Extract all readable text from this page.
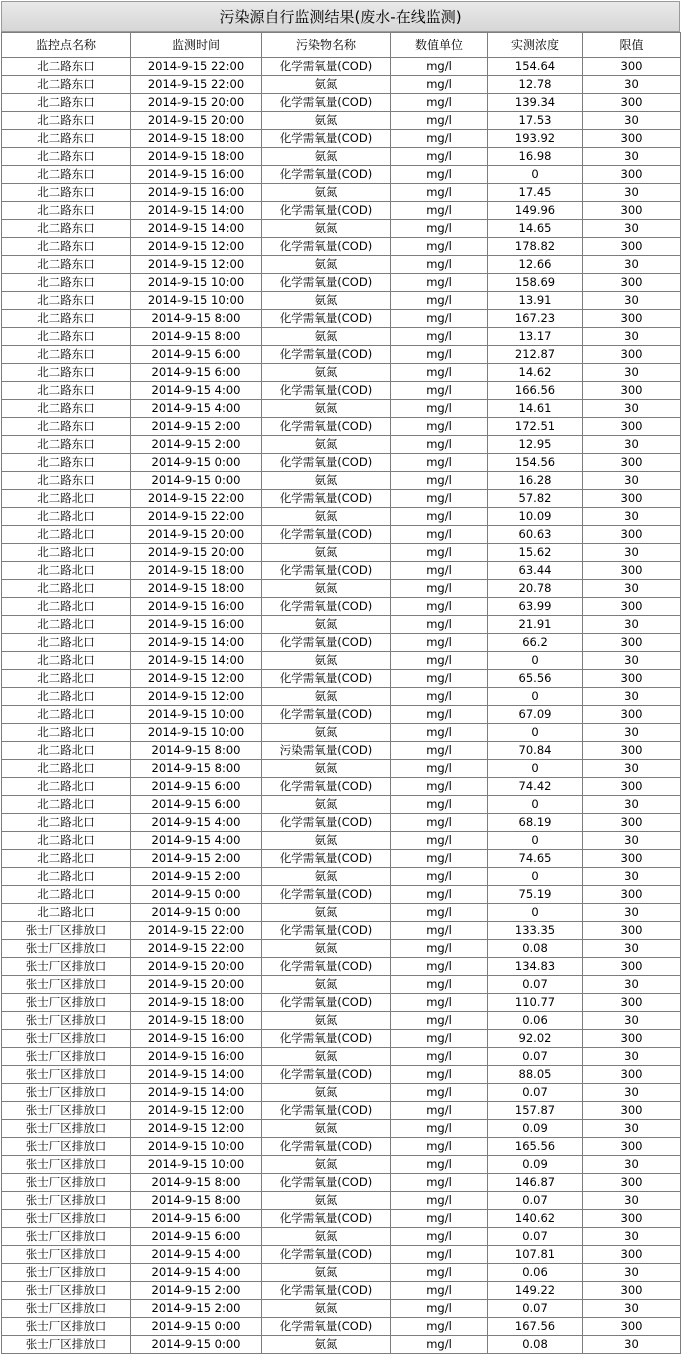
污染源自行监测结果(废水-在线监测)
监控点名称	监测时间	污染物名称	数值单位	实测浓度	限值
北二路东口	2014-9-15 22:00	化学需氧量(COD)	mg/l	154.64	300
北二路东口	2014-9-15 22:00	氨氮	mg/l	12.78	30
北二路东口	2014-9-15 20:00	化学需氧量(COD)	mg/l	139.34	300
北二路东口	2014-9-15 20:00	氨氮	mg/l	17.53	30
北二路东口	2014-9-15 18:00	化学需氧量(COD)	mg/l	193.92	300
北二路东口	2014-9-15 18:00	氨氮	mg/l	16.98	30
北二路东口	2014-9-15 16:00	化学需氧量(COD)	mg/l	0	300
北二路东口	2014-9-15 16:00	氨氮	mg/l	17.45	30
北二路东口	2014-9-15 14:00	化学需氧量(COD)	mg/l	149.96	300
北二路东口	2014-9-15 14:00	氨氮	mg/l	14.65	30
北二路东口	2014-9-15 12:00	化学需氧量(COD)	mg/l	178.82	300
北二路东口	2014-9-15 12:00	氨氮	mg/l	12.66	30
北二路东口	2014-9-15 10:00	化学需氧量(COD)	mg/l	158.69	300
北二路东口	2014-9-15 10:00	氨氮	mg/l	13.91	30
北二路东口	2014-9-15 8:00	化学需氧量(COD)	mg/l	167.23	300
北二路东口	2014-9-15 8:00	氨氮	mg/l	13.17	30
北二路东口	2014-9-15 6:00	化学需氧量(COD)	mg/l	212.87	300
北二路东口	2014-9-15 6:00	氨氮	mg/l	14.62	30
北二路东口	2014-9-15 4:00	化学需氧量(COD)	mg/l	166.56	300
北二路东口	2014-9-15 4:00	氨氮	mg/l	14.61	30
北二路东口	2014-9-15 2:00	化学需氧量(COD)	mg/l	172.51	300
北二路东口	2014-9-15 2:00	氨氮	mg/l	12.95	30
北二路东口	2014-9-15 0:00	化学需氧量(COD)	mg/l	154.56	300
北二路东口	2014-9-15 0:00	氨氮	mg/l	16.28	30
北二路北口	2014-9-15 22:00	化学需氧量(COD)	mg/l	57.82	300
北二路北口	2014-9-15 22:00	氨氮	mg/l	10.09	30
北二路北口	2014-9-15 20:00	化学需氧量(COD)	mg/l	60.63	300
北二路北口	2014-9-15 20:00	氨氮	mg/l	15.62	30
北二路北口	2014-9-15 18:00	化学需氧量(COD)	mg/l	63.44	300
北二路北口	2014-9-15 18:00	氨氮	mg/l	20.78	30
北二路北口	2014-9-15 16:00	化学需氧量(COD)	mg/l	63.99	300
北二路北口	2014-9-15 16:00	氨氮	mg/l	21.91	30
北二路北口	2014-9-15 14:00	化学需氧量(COD)	mg/l	66.2	300
北二路北口	2014-9-15 14:00	氨氮	mg/l	0	30
北二路北口	2014-9-15 12:00	化学需氧量(COD)	mg/l	65.56	300
北二路北口	2014-9-15 12:00	氨氮	mg/l	0	30
北二路北口	2014-9-15 10:00	化学需氧量(COD)	mg/l	67.09	300
北二路北口	2014-9-15 10:00	氨氮	mg/l	0	30
北二路北口	2014-9-15 8:00	污染需氧量(COD)	mg/l	70.84	300
北二路北口	2014-9-15 8:00	氨氮	mg/l	0	30
北二路北口	2014-9-15 6:00	化学需氧量(COD)	mg/l	74.42	300
北二路北口	2014-9-15 6:00	氨氮	mg/l	0	30
北二路北口	2014-9-15 4:00	化学需氧量(COD)	mg/l	68.19	300
北二路北口	2014-9-15 4:00	氨氮	mg/l	0	30
北二路北口	2014-9-15 2:00	化学需氧量(COD)	mg/l	74.65	300
北二路北口	2014-9-15 2:00	氨氮	mg/l	0	30
北二路北口	2014-9-15 0:00	化学需氧量(COD)	mg/l	75.19	300
北二路北口	2014-9-15 0:00	氨氮	mg/l	0	30
张士厂区排放口	2014-9-15 22:00	化学需氧量(COD)	mg/l	133.35	300
张士厂区排放口	2014-9-15 22:00	氨氮	mg/l	0.08	30
张士厂区排放口	2014-9-15 20:00	化学需氧量(COD)	mg/l	134.83	300
张士厂区排放口	2014-9-15 20:00	氨氮	mg/l	0.07	30
张士厂区排放口	2014-9-15 18:00	化学需氧量(COD)	mg/l	110.77	300
张士厂区排放口	2014-9-15 18:00	氨氮	mg/l	0.06	30
张士厂区排放口	2014-9-15 16:00	化学需氧量(COD)	mg/l	92.02	300
张士厂区排放口	2014-9-15 16:00	氨氮	mg/l	0.07	30
张士厂区排放口	2014-9-15 14:00	化学需氧量(COD)	mg/l	88.05	300
张士厂区排放口	2014-9-15 14:00	氨氮	mg/l	0.07	30
张士厂区排放口	2014-9-15 12:00	化学需氧量(COD)	mg/l	157.87	300
张士厂区排放口	2014-9-15 12:00	氨氮	mg/l	0.09	30
张士厂区排放口	2014-9-15 10:00	化学需氧量(COD)	mg/l	165.56	300
张士厂区排放口	2014-9-15 10:00	氨氮	mg/l	0.09	30
张士厂区排放口	2014-9-15 8:00	化学需氧量(COD)	mg/l	146.87	300
张士厂区排放口	2014-9-15 8:00	氨氮	mg/l	0.07	30
张士厂区排放口	2014-9-15 6:00	化学需氧量(COD)	mg/l	140.62	300
张士厂区排放口	2014-9-15 6:00	氨氮	mg/l	0.07	30
张士厂区排放口	2014-9-15 4:00	化学需氧量(COD)	mg/l	107.81	300
张士厂区排放口	2014-9-15 4:00	氨氮	mg/l	0.06	30
张士厂区排放口	2014-9-15 2:00	化学需氧量(COD)	mg/l	149.22	300
张士厂区排放口	2014-9-15 2:00	氨氮	mg/l	0.07	30
张士厂区排放口	2014-9-15 0:00	化学需氧量(COD)	mg/l	167.56	300
张士厂区排放口	2014-9-15 0:00	氨氮	mg/l	0.08	30
